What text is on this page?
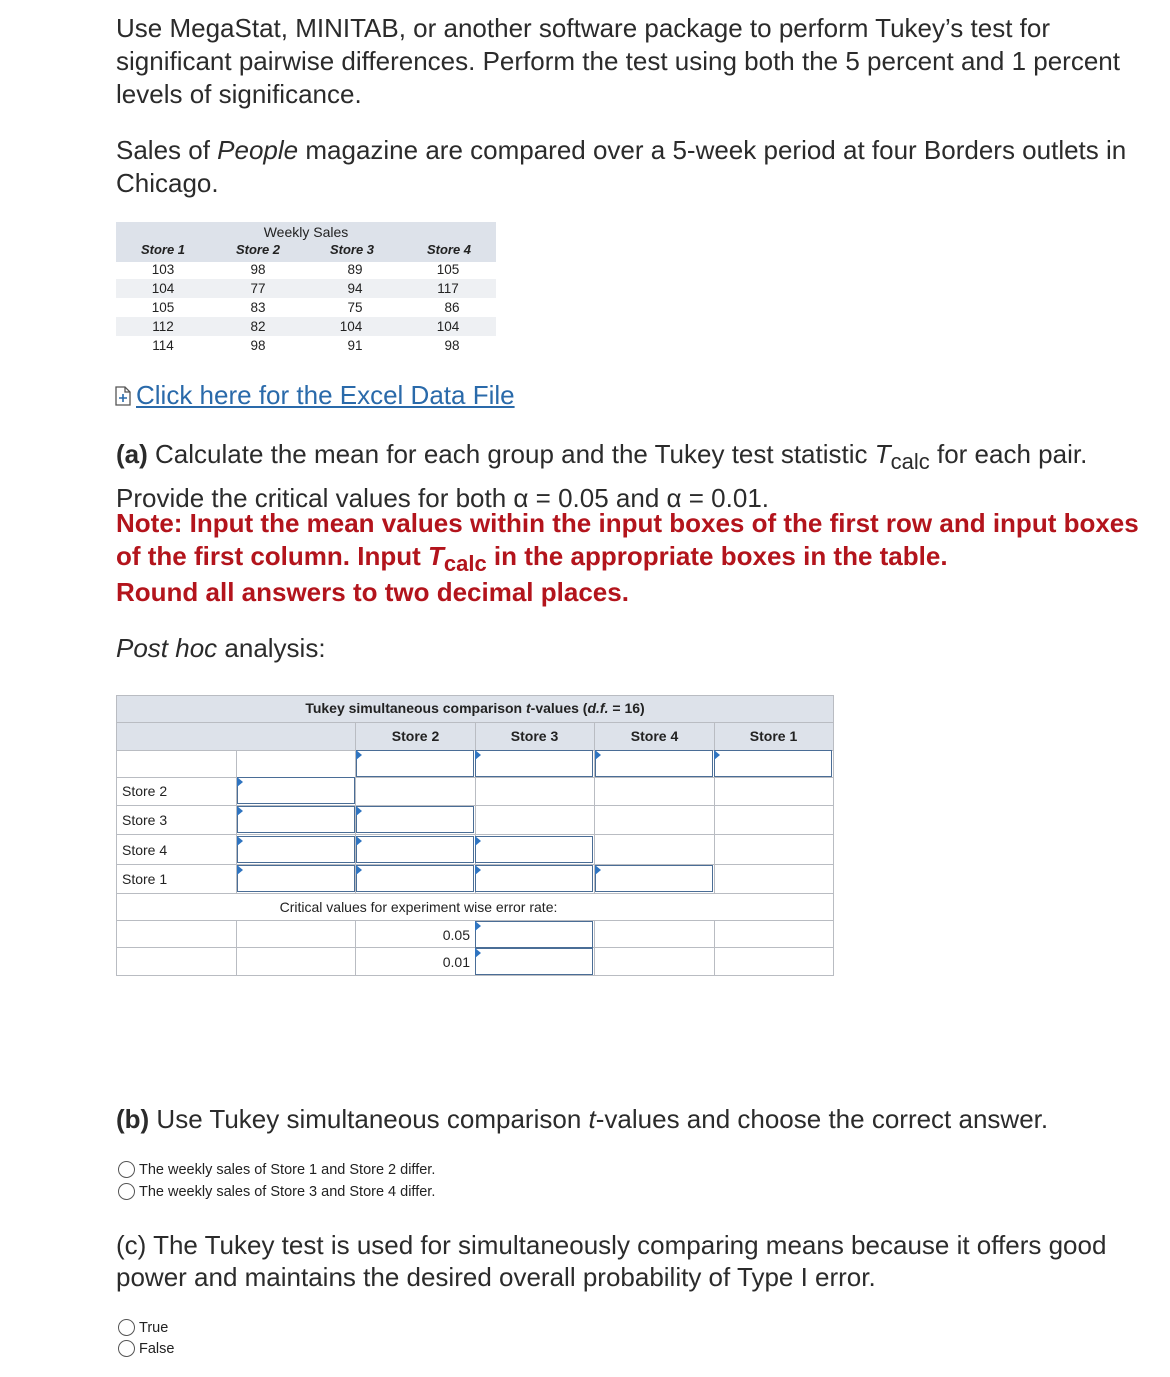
Use MegaStat, MINITAB, or another software package to perform Tukey’s test for significant pairwise differences. Perform the test using both the 5 percent and 1 percent levels of significance.
Sales of People magazine are compared over a 5-week period at four Borders outlets in Chicago.
Weekly Sales
Store 1	Store 2	Store 3	Store 4
103	98	89	105
104	77	94	117
105	83	75	86
112	82	104	104
114	98	91	98
Click here for the Excel Data File
(a) Calculate the mean for each group and the Tukey test statistic $T_{calc}$ for each pair.
Provide the critical values for both α = 0.05 and α = 0.01.
Note: Input the mean values within the input boxes of the first row and input boxes of the first column. Input $T_{calc}$ in the appropriate boxes in the table.
Round all answers to two decimal places.
Post hoc analysis:
Tukey simultaneous comparison t-values (d.f. = 16)
Store 2	Store 3	Store 4	Store 1
Store 2
Store 3
Store 4
Store 1
Critical values for experiment wise error rate:
0.05
0.01
(b) Use Tukey simultaneous comparison t-values and choose the correct answer.
The weekly sales of Store 1 and Store 2 differ.
The weekly sales of Store 3 and Store 4 differ.
(c) The Tukey test is used for simultaneously comparing means because it offers good power and maintains the desired overall probability of Type I error.
True
False
